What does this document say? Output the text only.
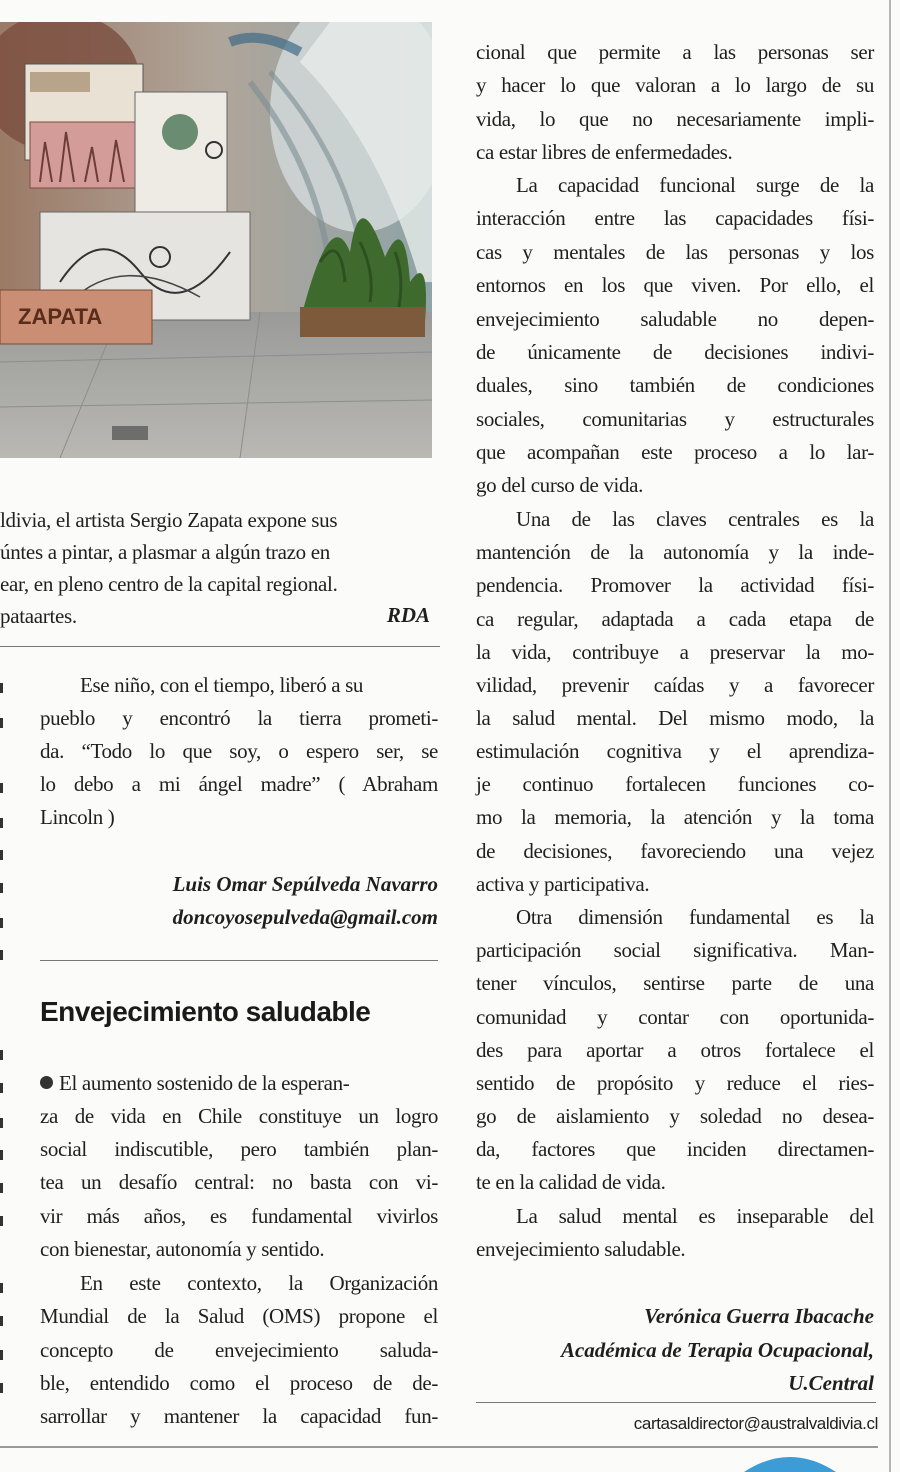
ZAPATA
ldivia, el artista Sergio Zapata expone sus
úntes a pintar, a plasmar a algún trazo en
ear, en pleno centro de la capital regional.
pataartes.	RDA
Ese niño, con el tiempo, liberó a su
pueblo y encontró la tierra prometi-
da. “Todo lo que soy, o espero ser, se
lo debo a mi ángel madre” ( Abraham
Lincoln )
Luis Omar Sepúlveda Navarro
doncoyosepulveda@gmail.com
Envejecimiento saludable
El aumento sostenido de la esperan-
za de vida en Chile constituye un logro
social indiscutible, pero también plan-
tea un desafío central: no basta con vi-
vir más años, es fundamental vivirlos
con bienestar, autonomía y sentido.
En este contexto, la Organización
Mundial de la Salud (OMS) propone el
concepto de envejecimiento saluda-
ble, entendido como el proceso de de-
sarrollar y mantener la capacidad fun-
cional que permite a las personas ser
y hacer lo que valoran a lo largo de su
vida, lo que no necesariamente impli-
ca estar libres de enfermedades.
La capacidad funcional surge de la
interacción entre las capacidades físi-
cas y mentales de las personas y los
entornos en los que viven. Por ello, el
envejecimiento saludable no depen-
de únicamente de decisiones indivi-
duales, sino también de condiciones
sociales, comunitarias y estructurales
que acompañan este proceso a lo lar-
go del curso de vida.
Una de las claves centrales es la
mantención de la autonomía y la inde-
pendencia. Promover la actividad físi-
ca regular, adaptada a cada etapa de
la vida, contribuye a preservar la mo-
vilidad, prevenir caídas y a favorecer
la salud mental. Del mismo modo, la
estimulación cognitiva y el aprendiza-
je continuo fortalecen funciones co-
mo la memoria, la atención y la toma
de decisiones, favoreciendo una vejez
activa y participativa.
Otra dimensión fundamental es la
participación social significativa. Man-
tener vínculos, sentirse parte de una
comunidad y contar con oportunida-
des para aportar a otros fortalece el
sentido de propósito y reduce el ries-
go de aislamiento y soledad no desea-
da, factores que inciden directamen-
te en la calidad de vida.
La salud mental es inseparable del
envejecimiento saludable.
Verónica Guerra Ibacache
Académica de Terapia Ocupacional,
U.Central
cartasaldirector@australvaldivia.cl
